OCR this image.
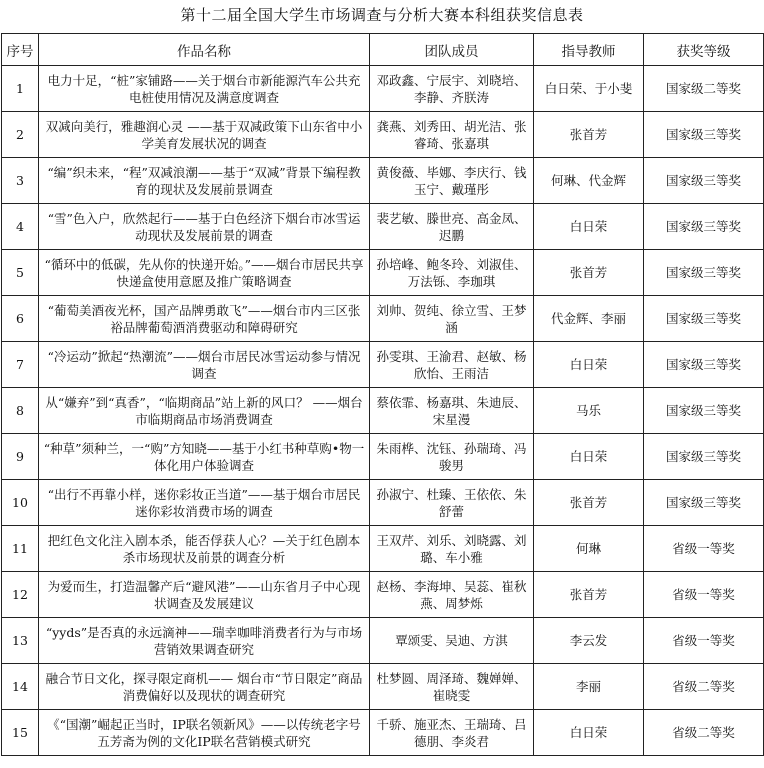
第十二届全国大学生市场调查与分析大赛本科组获奖信息表
序号	作品名称	团队成员	指导教师	获奖等级
1	电力十足，“桩”家铺路——关于烟台市新能源汽车公共充电桩使用情况及满意度调查	邓政鑫、宁辰宇、刘晓培、李静、齐朕涛	白日荣、于小斐	国家级二等奖
2	双减向美行，雅趣润心灵 ——基于双减政策下山东省中小学美育发展状况的调查	龚燕、刘秀田、胡光洁、张睿琦、张嘉琪	张首芳	国家级三等奖
3	“编”织未来，“程”双减浪潮——基于“双减”背景下编程教育的现状及发展前景调查	黄俊薇、毕娜、李庆行、钱玉宁、戴瑾彤	何琳、代金辉	国家级三等奖
4	“雪”色入户，欣然起行——基于白色经济下烟台市冰雪运动现状及发展前景的调查	裴艺敏、滕世亮、高金凤、迟鹏	白日荣	国家级三等奖
5	“循环中的低碳，先从你的快递开始。”——烟台市居民共享快递盒使用意愿及推广策略调查	孙培峰、鲍冬玲、刘淑佳、万法铄、李珈琪	张首芳	国家级三等奖
6	“葡萄美酒夜光杯，国产品牌勇敢飞”——烟台市内三区张裕品牌葡萄酒消费驱动和障碍研究	刘帅、贺纯、徐立雪、王梦涵	代金辉、李丽	国家级三等奖
7	“冷运动”掀起“热潮流”——烟台市居民冰雪运动参与情况调查	孙雯琪、王渝君、赵敏、杨欣怡、王雨洁	白日荣	国家级三等奖
8	从“嫌弃”到“真香”，“临期商品”站上新的风口？ ——烟台市临期商品市场消费调查	蔡依霏、杨嘉琪、朱迪辰、宋星漫	马乐	国家级三等奖
9	“种草”须种兰，一“购”方知晓——基于小红书种草购•物一体化用户体验调查	朱雨桦、沈钰、孙瑞琦、冯骏男	白日荣	国家级三等奖
10	“出行不再靠小样，迷你彩妆正当道”——基于烟台市居民迷你彩妆消费市场的调查	孙淑宁、杜臻、王依依、朱舒蕾	张首芳	国家级三等奖
11	把红色文化注入剧本杀，能否俘获人心？—关于红色剧本杀市场现状及前景的调查分析	王双芹、刘乐、刘晓露、刘璐、车小雅	何琳	省级一等奖
12	为爱而生，打造温馨产后“避风港”——山东省月子中心现状调查及发展建议	赵杨、李海坤、吴蕊、崔秋燕、周梦烁	张首芳	省级一等奖
13	“yyds”是否真的永远滴神——瑞幸咖啡消费者行为与市场营销效果调查研究	覃颂雯、吴迪、方淇	李云发	省级一等奖
14	融合节日文化，探寻限定商机—— 烟台市“节日限定”商品消费偏好以及现状的调查研究	杜梦圆、周泽琦、魏婵婵、崔晓雯	李丽	省级二等奖
15	《“国潮”崛起正当时，IP联名领新风》——以传统老字号五芳斋为例的文化IP联名营销模式研究	千骄、施亚杰、王瑞琦、吕德朋、李炎君	白日荣	省级二等奖
